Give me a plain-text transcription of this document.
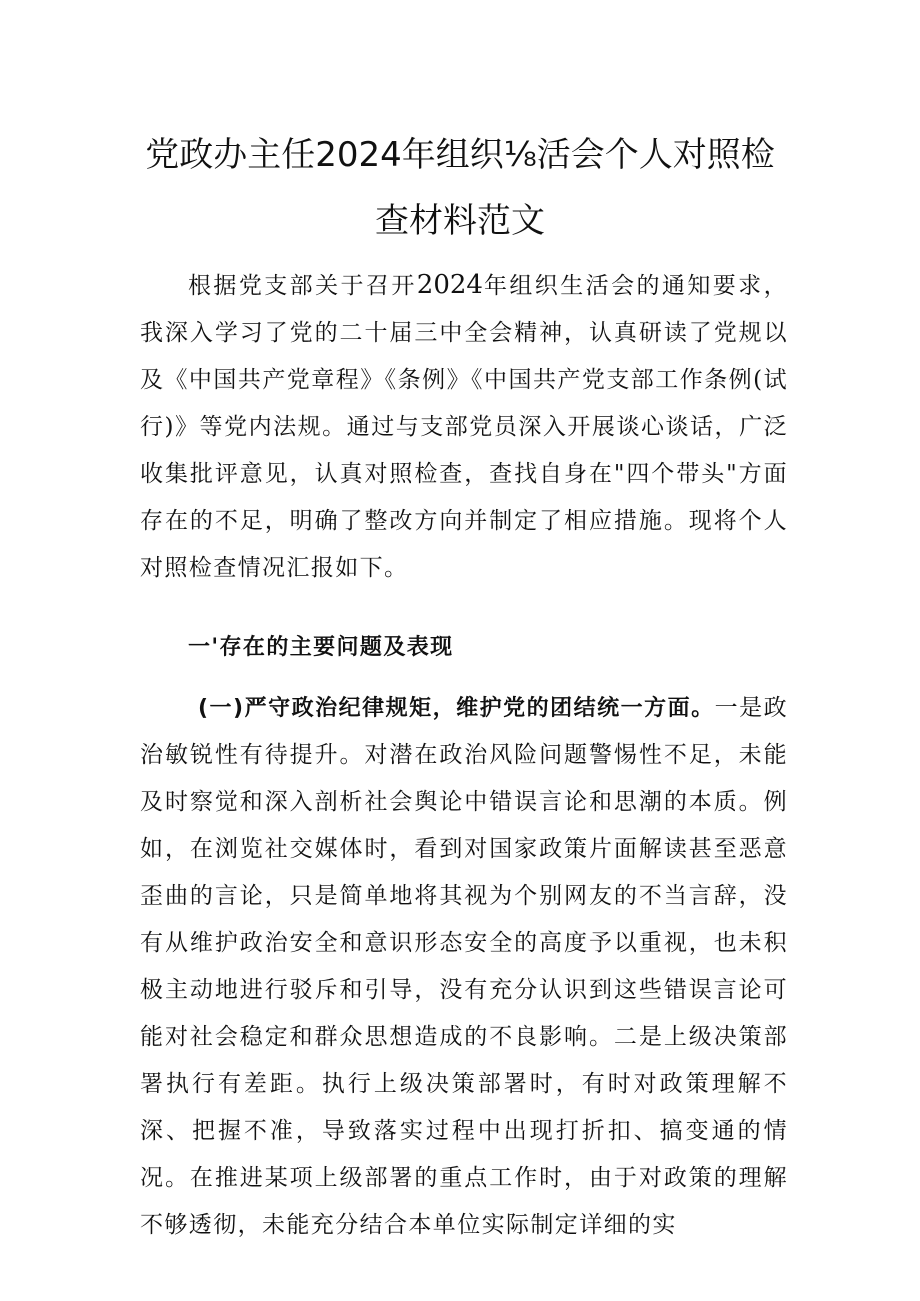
党政办主任2024年组织⅛活会个人对照检查材料范文

根据党支部关于召开2024年组织生活会的通知要求，我深入学习了党的二十届三中全会精神，认真研读了党规以及《中国共产党章程》《条例》《中国共产党支部工作条例(试行)》等党内法规。通过与支部党员深入开展谈心谈话，广泛收集批评意见，认真对照检查，查找自身在"四个带头"方面存在的不足，明确了整改方向并制定了相应措施。现将个人对照检查情况汇报如下。

一'存在的主要问题及表现

(一)严守政治纪律规矩，维护党的团结统一方面。一是政治敏锐性有待提升。对潜在政治风险问题警惕性不足，未能及时察觉和深入剖析社会舆论中错误言论和思潮的本质。例如，在浏览社交媒体时，看到对国家政策片面解读甚至恶意歪曲的言论，只是简单地将其视为个别网友的不当言辞，没有从维护政治安全和意识形态安全的高度予以重视，也未积极主动地进行驳斥和引导，没有充分认识到这些错误言论可能对社会稳定和群众思想造成的不良影响。二是上级决策部署执行有差距。执行上级决策部署时，有时对政策理解不深、把握不准，导致落实过程中出现打折扣、搞变通的情况。在推进某项上级部署的重点工作时，由于对政策的理解不够透彻，未能充分结合本单位实际制定详细的实
